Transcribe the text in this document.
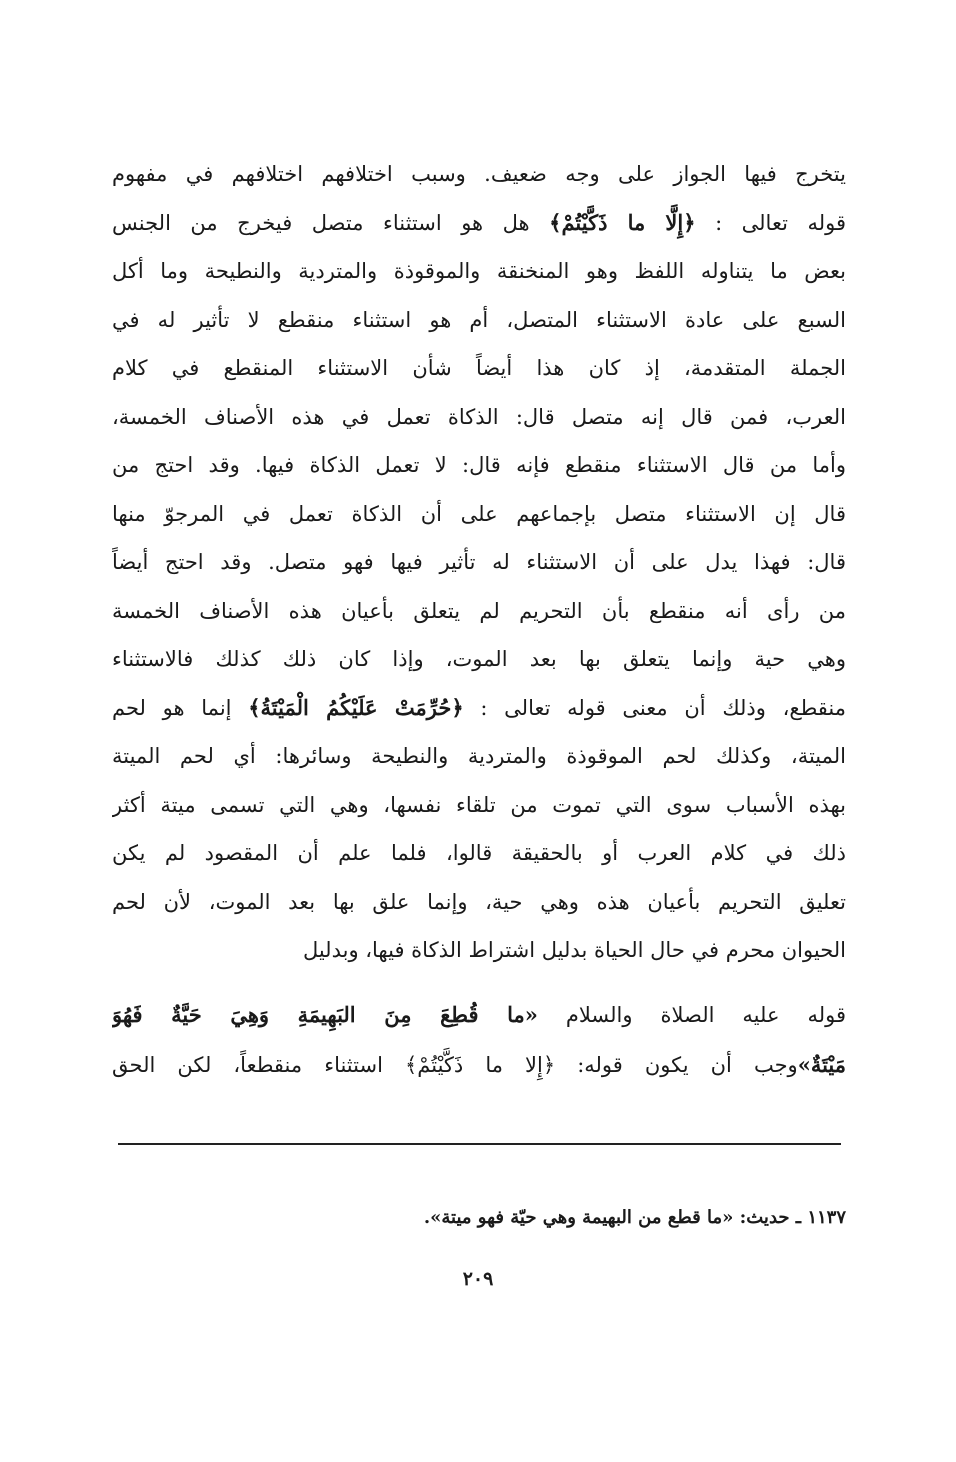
يتخرج فيها الجواز على وجه ضعيف. وسبب اختلافهم اختلافهم في مفهوم
قوله تعالى : ﴿إِلَّا ما ذَكَّيْتُمْ﴾ هل هو استثناء متصل فيخرج من الجنس
بعض ما يتناوله اللفظ وهو المنخنقة والموقوذة والمتردية والنطيحة وما أكل
السبع على عادة الاستثناء المتصل، أم هو استثناء منقطع لا تأثير له في
الجملة المتقدمة، إذ كان هذا أيضاً شأن الاستثناء المنقطع في كلام
العرب، فمن قال إنه متصل قال: الذكاة تعمل في هذه الأصناف الخمسة،
وأما من قال الاستثناء منقطع فإنه قال: لا تعمل الذكاة فيها. وقد احتج من
قال إن الاستثناء متصل بإجماعهم على أن الذكاة تعمل في المرجوّ منها
قال: فهذا يدل على أن الاستثناء له تأثير فيها فهو متصل. وقد احتج أيضاً
من رأى أنه منقطع بأن التحريم لم يتعلق بأعيان هذه الأصناف الخمسة
وهي حية وإنما يتعلق بها بعد الموت، وإذا كان ذلك كذلك فالاستثناء
منقطع، وذلك أن معنى قوله تعالى : ﴿حُرِّمَتْ عَلَيْكُمُ الْمَيْتَةُ﴾ إنما هو لحم
الميتة، وكذلك لحم الموقوذة والمتردية والنطيحة وسائرها: أي لحم الميتة
بهذه الأسباب سوى التي تموت من تلقاء نفسها، وهي التي تسمى ميتة أكثر
ذلك في كلام العرب أو بالحقيقة قالوا، فلما علم أن المقصود لم يكن
تعليق التحريم بأعيان هذه وهي حية، وإنما علق بها بعد الموت، لأن لحم
الحيوان محرم في حال الحياة بدليل اشتراط الذكاة فيها، وبدليل
قوله عليه الصلاة والسلام «ما قُطِعَ مِنَ البَهِيمَةِ وَهِيَ حَيَّةٌ فَهُوَ
مَيْتَةٌ»وجب أن يكون قوله: ﴿إِلا ما ذَكَّيْتُمْ﴾ استثناء منقطعاً، لكن الحق
١١٣٧ ـ حديث: «ما قطع من البهيمة وهي حيّة فهو ميتة».
٢٠٩
